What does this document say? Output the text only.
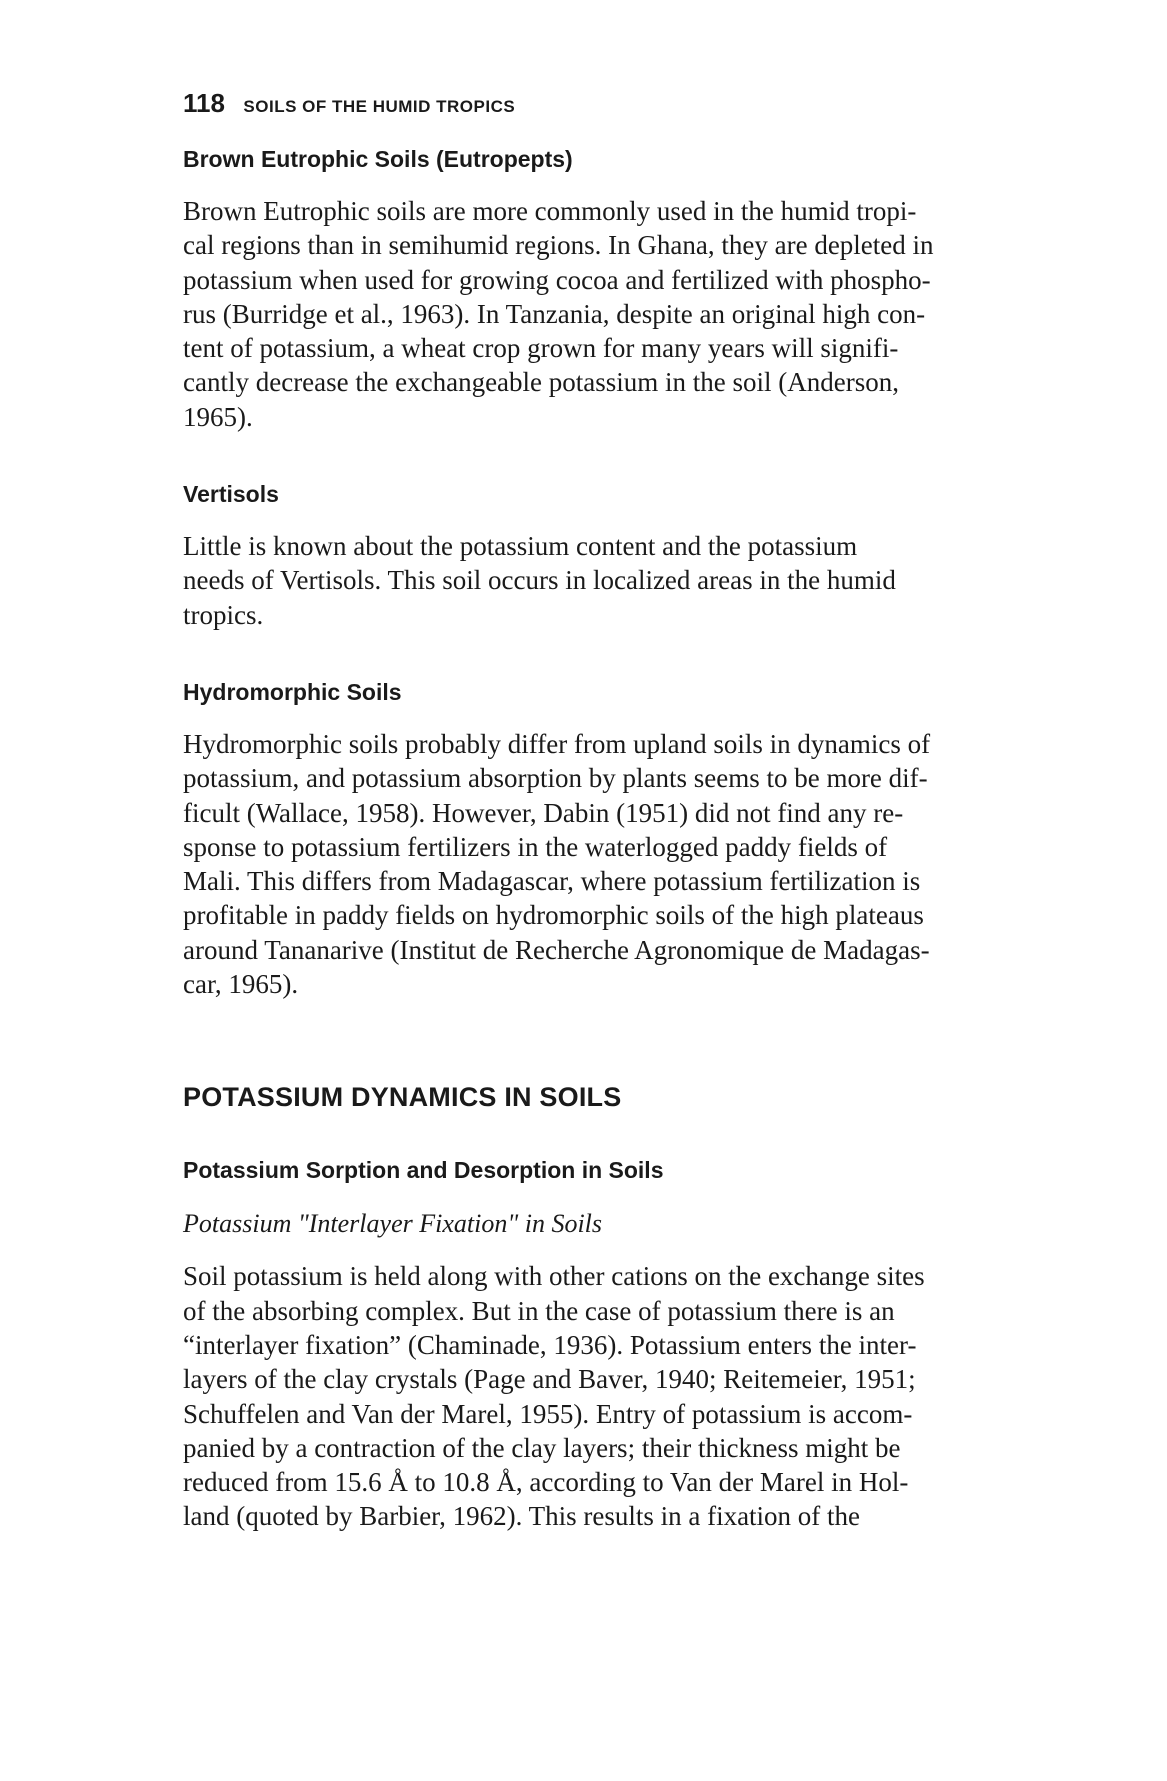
118 SOILS OF THE HUMID TROPICS
Brown Eutrophic Soils (Eutropepts)

Brown Eutrophic soils are more commonly used in the humid tropi-
cal regions than in semihumid regions. In Ghana, they are depleted in
potassium when used for growing cocoa and fertilized with phospho-
rus (Burridge et al., 1963). In Tanzania, despite an original high con-
tent of potassium, a wheat crop grown for many years will signifi-
cantly decrease the exchangeable potassium in the soil (Anderson,
1965).

Vertisols

Little is known about the potassium content and the potassium
needs of Vertisols. This soil occurs in localized areas in the humid
tropics.

Hydromorphic Soils

Hydromorphic soils probably differ from upland soils in dynamics of
potassium, and potassium absorption by plants seems to be more dif-
ficult (Wallace, 1958). However, Dabin (1951) did not find any re-
sponse to potassium fertilizers in the waterlogged paddy fields of
Mali. This differs from Madagascar, where potassium fertilization is
profitable in paddy fields on hydromorphic soils of the high plateaus
around Tananarive (Institut de Recherche Agronomique de Madagas-
car, 1965).

POTASSIUM DYNAMICS IN SOILS
Potassium Sorption and Desorption in Soils
Potassium "Interlayer Fixation" in Soils

Soil potassium is held along with other cations on the exchange sites
of the absorbing complex. But in the case of potassium there is an
“interlayer fixation” (Chaminade, 1936). Potassium enters the inter-
layers of the clay crystals (Page and Baver, 1940; Reitemeier, 1951;
Schuffelen and Van der Marel, 1955). Entry of potassium is accom-
panied by a contraction of the clay layers; their thickness might be
reduced from 15.6 Å to 10.8 Å, according to Van der Marel in Hol-
land (quoted by Barbier, 1962). This results in a fixation of the
